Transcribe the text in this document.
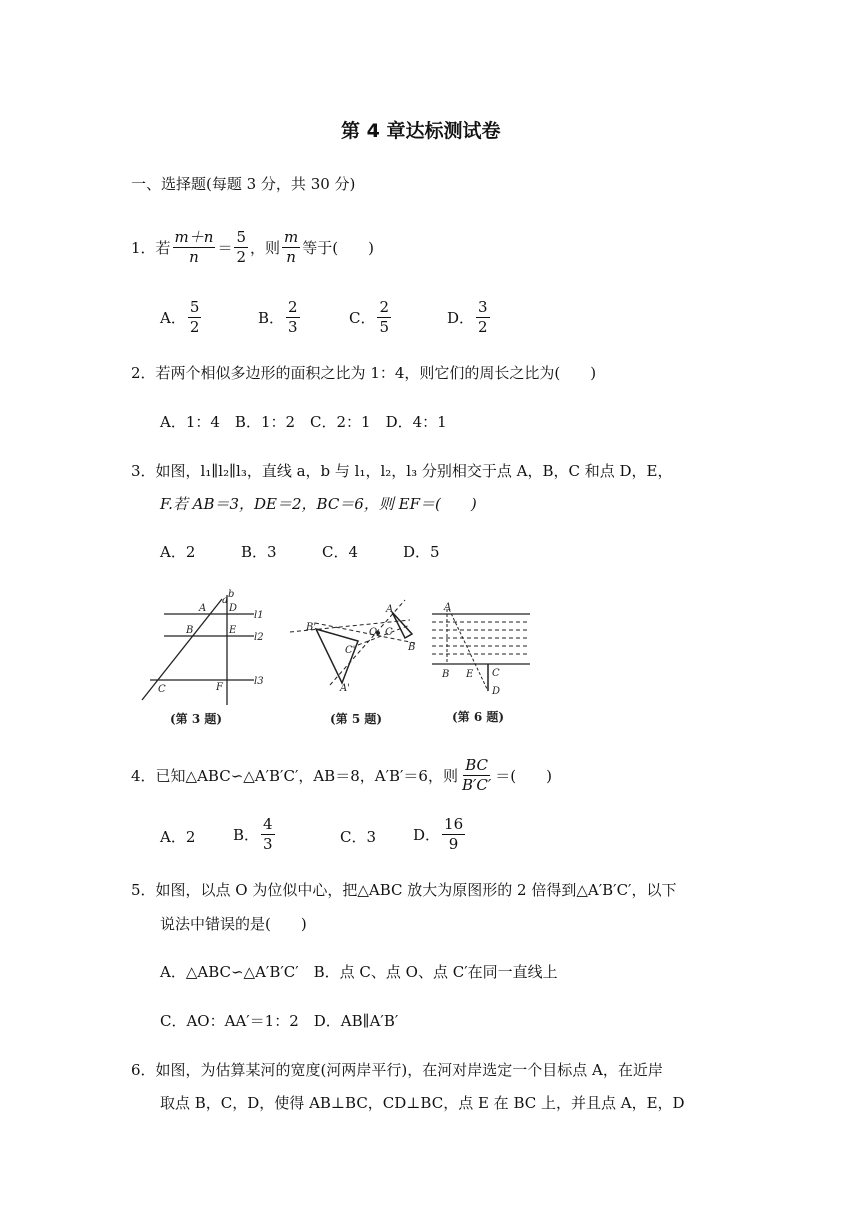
第 4 章达标测试卷
一、选择题(每题 3 分，共 30 分)
1．若 $\frac{m+n}{n} = \frac{5}{2}$ ，则 $\frac{m}{n}$ 等于(　　)
A． $\frac{5}{2}$	B． $\frac{2}{3}$	C． $\frac{2}{5}$	D． $\frac{3}{2}$
2．若两个相似多边形的面积之比为 1：4，则它们的周长之比为(　　)
A．1：4　B．1：2　C．2：1　D．4：1
3．如图，l₁∥l₂∥l₃，直线 a，b 与 l₁，l₂，l₃ 分别相交于点 A，B，C 和点 D，E，
F.若 AB＝3，DE＝2，BC＝6，则 EF＝(　　)
A．2	B．3	C．4	D．5
a
b
A D
l1
B	E
l2
C	F
l3
(第 3 题)
B'	O
A
C
B
C'
A'
(第 5 题)
A
B E C
D
(第 6 题)
4．已知△ABC∽△A′B′C′，AB＝8，A′B′＝6，则 $\frac{BC}{B'C'}$ ＝(　　)
A．2	B． $\frac{4}{3}$	C．3 D． $\frac{16}{9}$
5．如图，以点 O 为位似中心，把△ABC 放大为原图形的 2 倍得到△A′B′C′，以下
说法中错误的是(　　)
A．△ABC∽△A′B′C′　B．点 C、点 O、点 C′在同一直线上
C．AO：AA′＝1：2　D．AB∥A′B′
6．如图，为估算某河的宽度(河两岸平行)，在河对岸选定一个目标点 A，在近岸
取点 B，C，D，使得 AB⊥BC，CD⊥BC，点 E 在 BC 上，并且点 A，E，D
